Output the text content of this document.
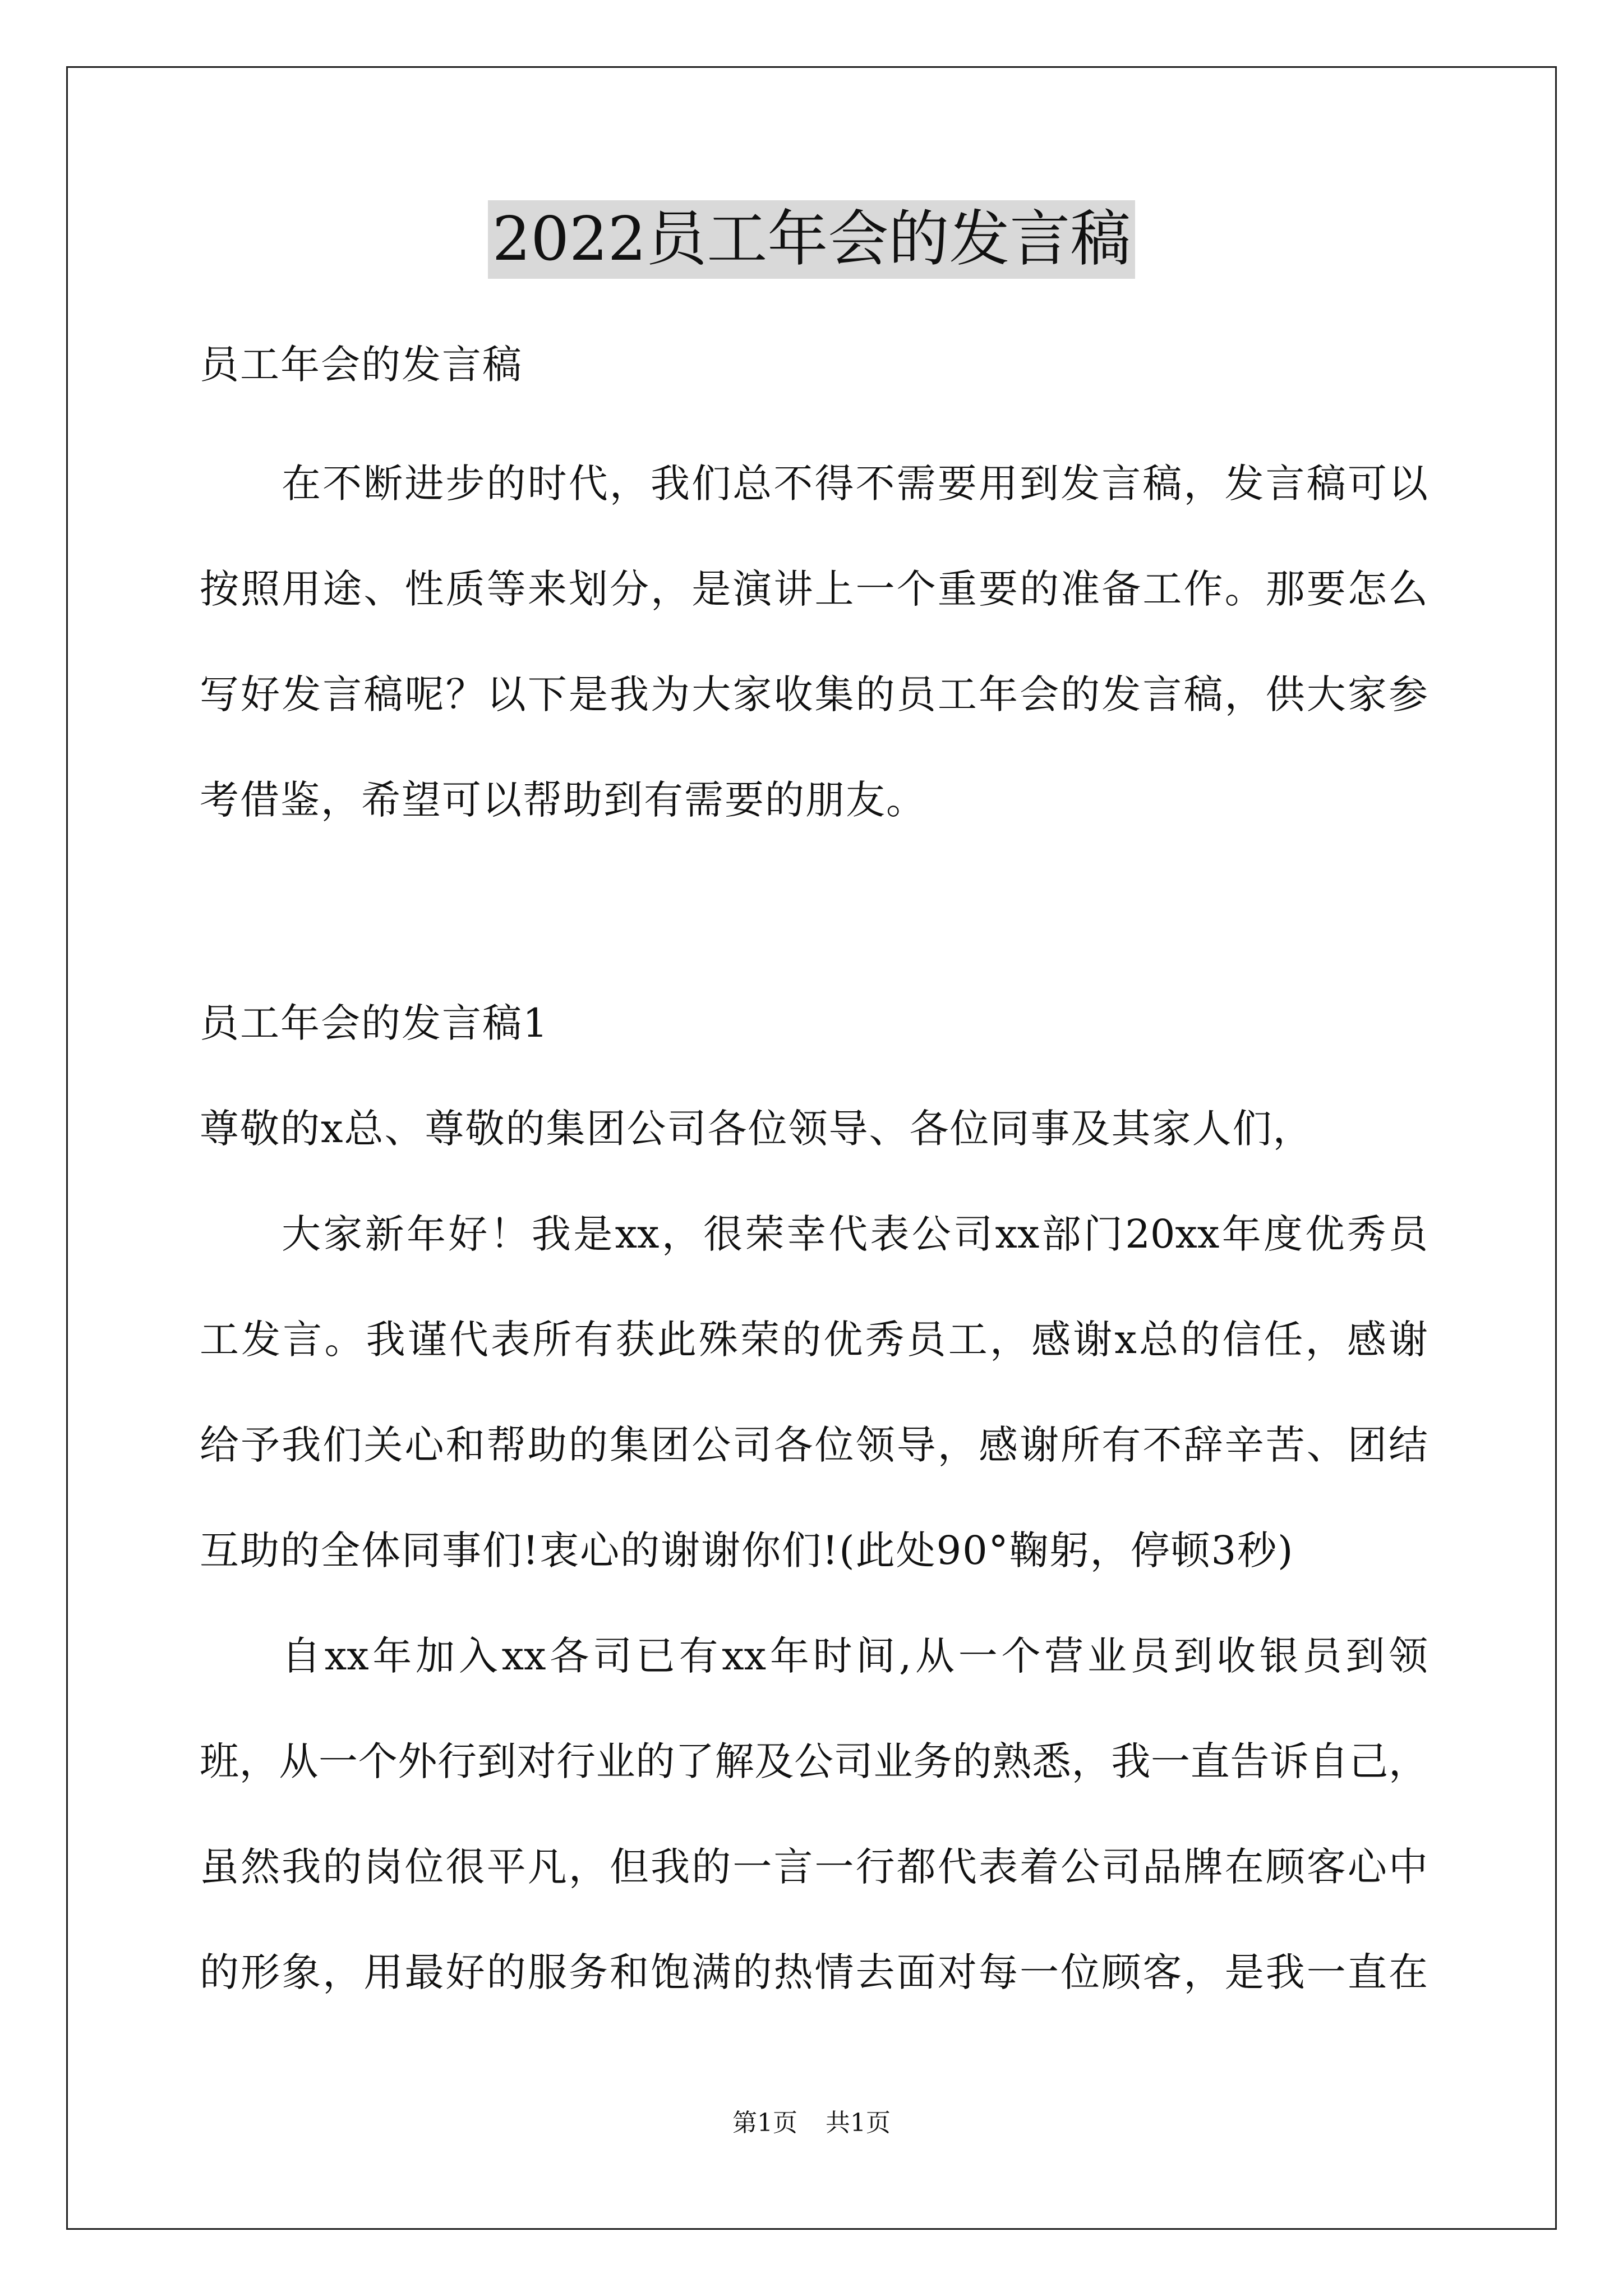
2022员工年会的发言稿
员工年会的发言稿
在不断进步的时代，我们总不得不需要用到发言稿，发言稿可以
按照用途、性质等来划分，是演讲上一个重要的准备工作。那要怎么
写好发言稿呢？以下是我为大家收集的员工年会的发言稿，供大家参
考借鉴，希望可以帮助到有需要的朋友。
员工年会的发言稿1
尊敬的x总、尊敬的集团公司各位领导、各位同事及其家人们，
大家新年好！我是xx，很荣幸代表公司xx部门20xx年度优秀员
工发言。我谨代表所有获此殊荣的优秀员工，感谢x总的信任，感谢
给予我们关心和帮助的集团公司各位领导，感谢所有不辞辛苦、团结
互助的全体同事们!衷心的谢谢你们!(此处90°鞠躬，停顿3秒)
自xx年加入xx各司已有xx年时间,从一个营业员到收银员到领
班，从一个外行到对行业的了解及公司业务的熟悉，我一直告诉自己，
虽然我的岗位很平凡，但我的一言一行都代表着公司品牌在顾客心中
的形象，用最好的服务和饱满的热情去面对每一位顾客，是我一直在
第1页 共1页
